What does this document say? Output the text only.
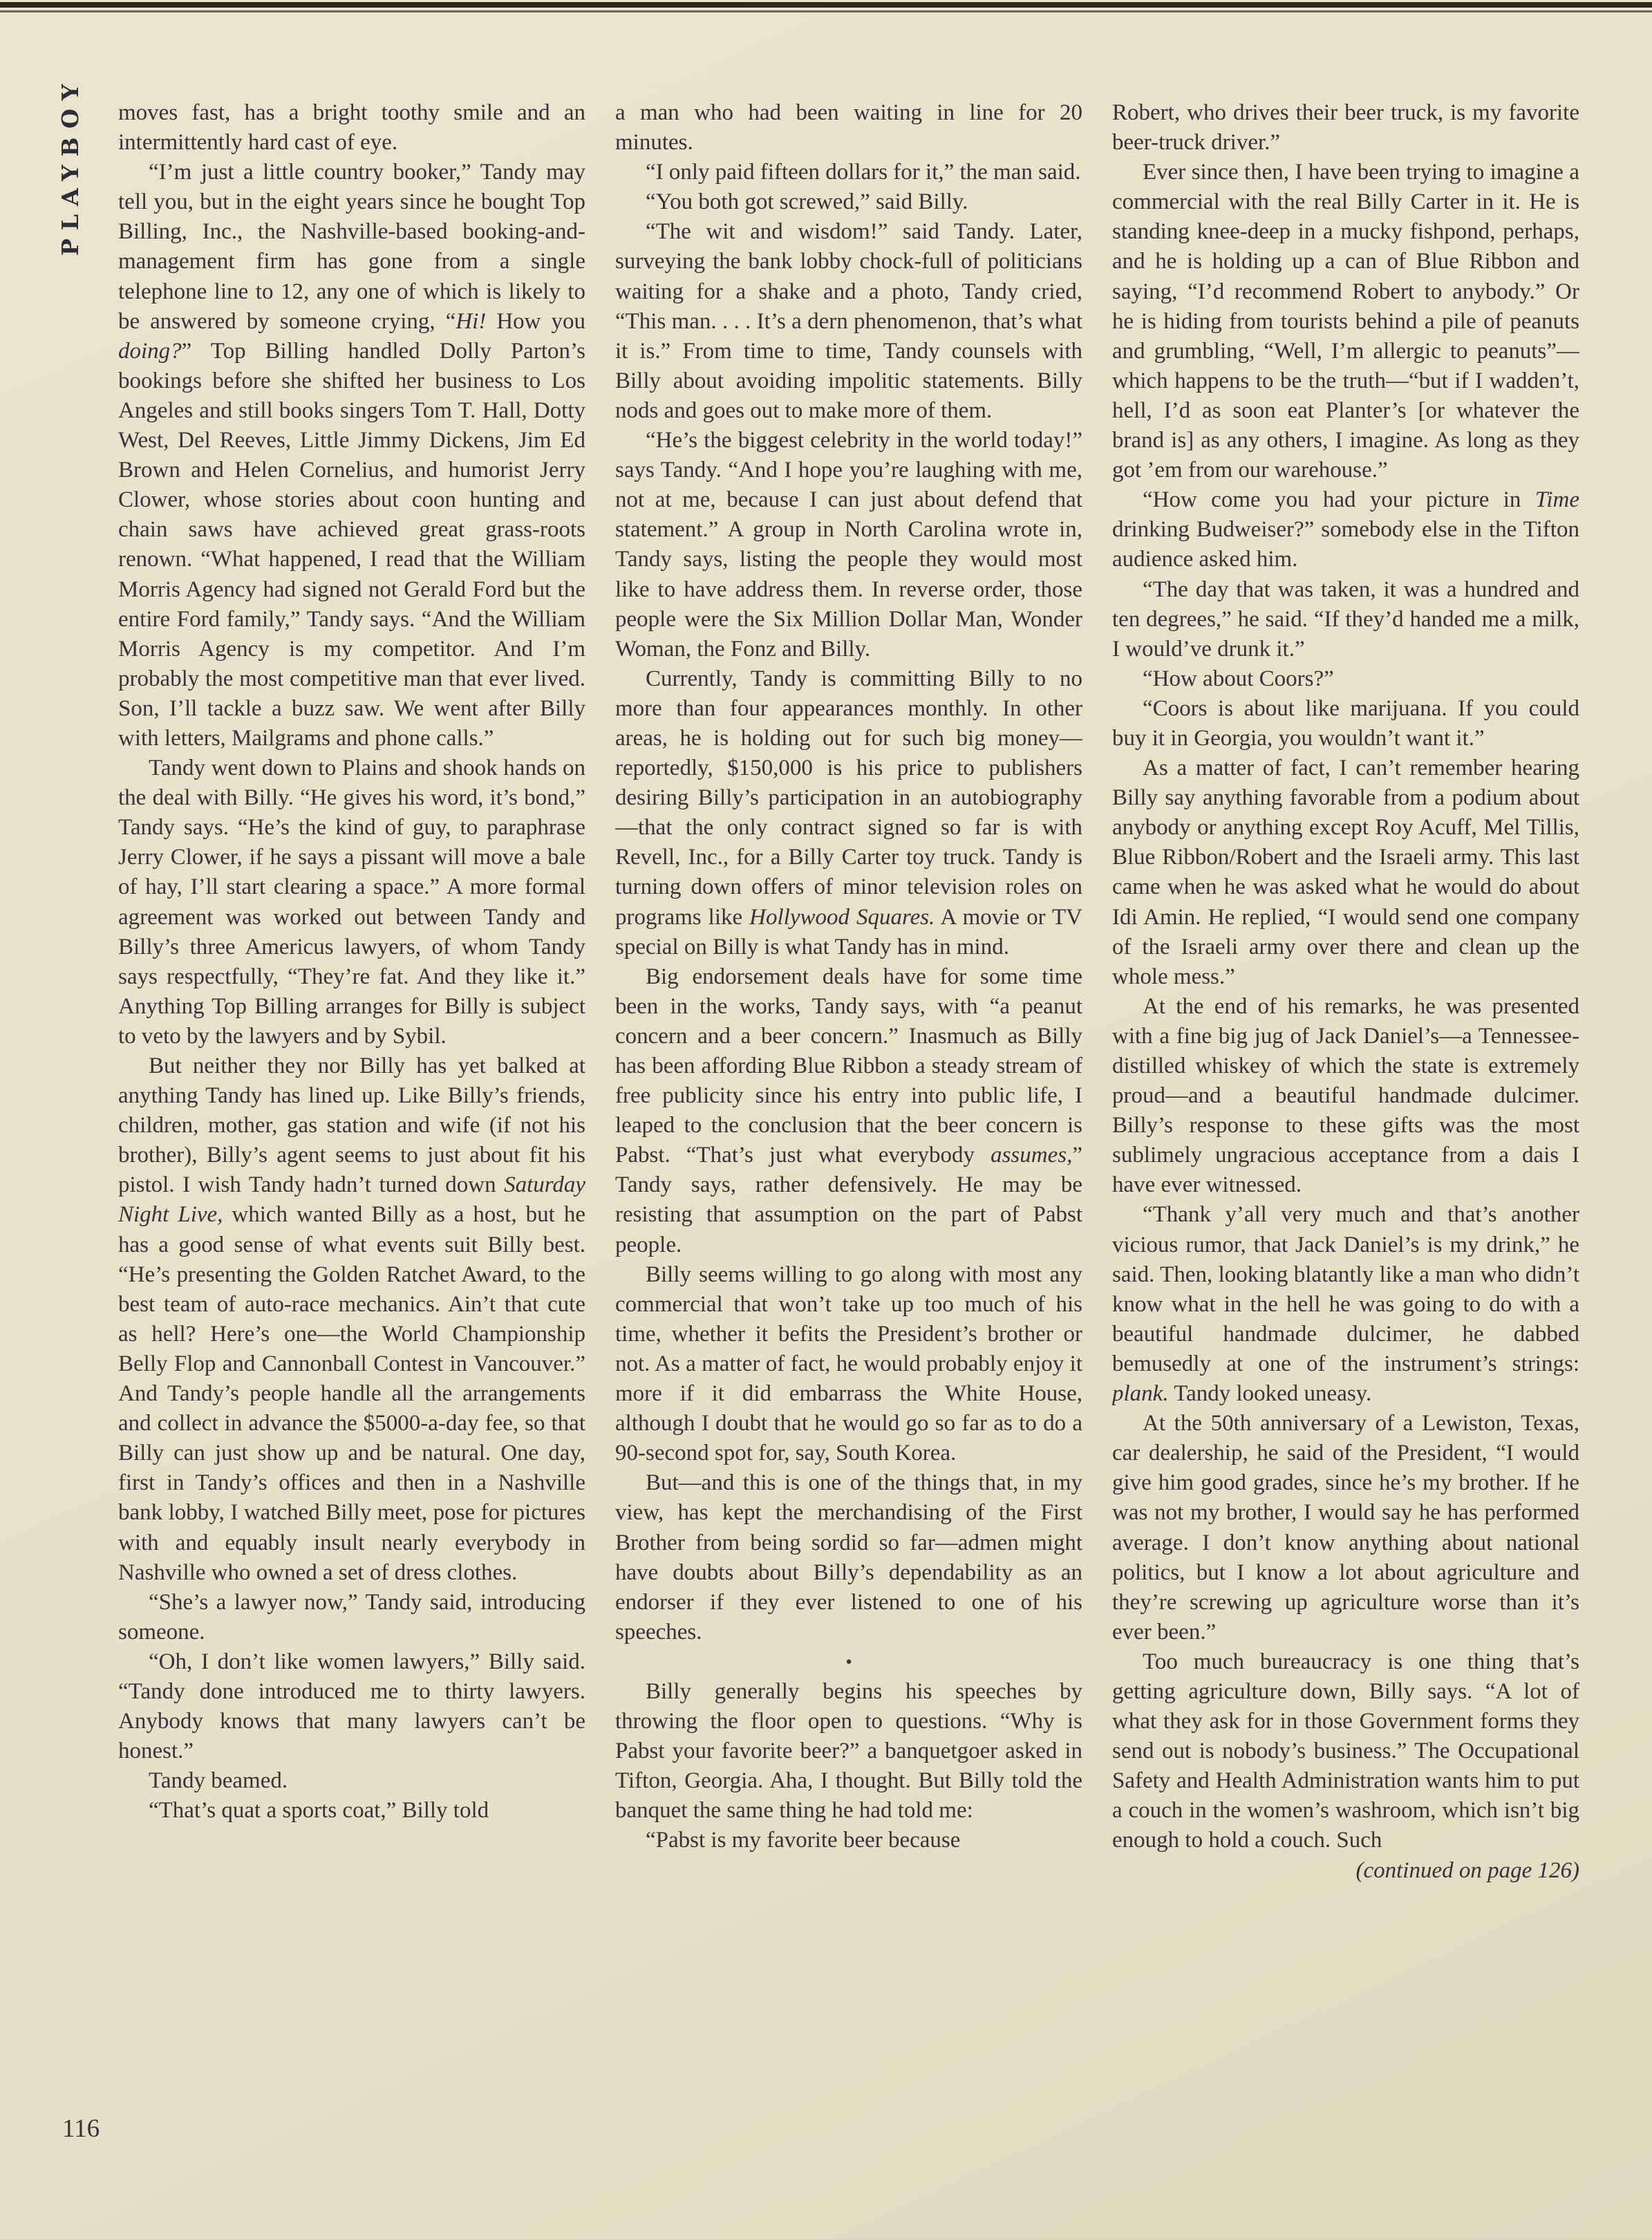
PLAYBOY moves fast, has a bright toothy smile and an intermittently hard cast of eye.

“I’m just a little country booker,” Tandy may tell you, but in the eight years since he bought Top Billing, Inc., the Nashville-based booking-and-management firm has gone from a single telephone line to 12, any one of which is likely to be answered by someone crying, “Hi! How you doing?” Top Billing handled Dolly Parton’s bookings before she shifted her business to Los Angeles and still books singers Tom T. Hall, Dotty West, Del Reeves, Little Jimmy Dickens, Jim Ed Brown and Helen Cornelius, and humorist Jerry Clower, whose stories about coon hunting and chain saws have achieved great grass-roots renown. “What happened, I read that the William Morris Agency had signed not Gerald Ford but the entire Ford family,” Tandy says. “And the William Morris Agency is my competitor. And I’m probably the most competitive man that ever lived. Son, I’ll tackle a buzz saw. We went after Billy with letters, Mailgrams and phone calls.”

Tandy went down to Plains and shook hands on the deal with Billy. “He gives his word, it’s bond,” Tandy says. “He’s the kind of guy, to paraphrase Jerry Clower, if he says a pissant will move a bale of hay, I’ll start clearing a space.” A more formal agreement was worked out between Tandy and Billy’s three Americus lawyers, of whom Tandy says respectfully, “They’re fat. And they like it.” Anything Top Billing arranges for Billy is subject to veto by the lawyers and by Sybil.

But neither they nor Billy has yet balked at anything Tandy has lined up. Like Billy’s friends, children, mother, gas station and wife (if not his brother), Billy’s agent seems to just about fit his pistol. I wish Tandy hadn’t turned down Saturday Night Live, which wanted Billy as a host, but he has a good sense of what events suit Billy best. “He’s presenting the Golden Ratchet Award, to the best team of auto-race mechanics. Ain’t that cute as hell? Here’s one—the World Championship Belly Flop and Cannonball Contest in Vancouver.” And Tandy’s people handle all the arrangements and collect in advance the $5000-a-day fee, so that Billy can just show up and be natural. One day, first in Tandy’s offices and then in a Nashville bank lobby, I watched Billy meet, pose for pictures with and equably insult nearly everybody in Nashville who owned a set of dress clothes.

“She’s a lawyer now,” Tandy said, introducing someone.

“Oh, I don’t like women lawyers,” Billy said. “Tandy done introduced me to thirty lawyers. Anybody knows that many lawyers can’t be honest.”

Tandy beamed.

“That’s quat a sports coat,” Billy told

a man who had been waiting in line for 20 minutes.

“I only paid fifteen dollars for it,” the man said.

“You both got screwed,” said Billy.

“The wit and wisdom!” said Tandy. Later, surveying the bank lobby chock-full of politicians waiting for a shake and a photo, Tandy cried, “This man. . . . It’s a dern phenomenon, that’s what it is.” From time to time, Tandy counsels with Billy about avoiding impolitic statements. Billy nods and goes out to make more of them.

“He’s the biggest celebrity in the world today!” says Tandy. “And I hope you’re laughing with me, not at me, because I can just about defend that statement.” A group in North Carolina wrote in, Tandy says, listing the people they would most like to have address them. In reverse order, those people were the Six Million Dollar Man, Wonder Woman, the Fonz and Billy.

Currently, Tandy is committing Billy to no more than four appearances monthly. In other areas, he is holding out for such big money—reportedly, $150,000 is his price to publishers desiring Billy’s participation in an autobiography—that the only contract signed so far is with Revell, Inc., for a Billy Carter toy truck. Tandy is turning down offers of minor television roles on programs like Hollywood Squares. A movie or TV special on Billy is what Tandy has in mind.

Big endorsement deals have for some time been in the works, Tandy says, with “a peanut concern and a beer concern.” Inasmuch as Billy has been affording Blue Ribbon a steady stream of free publicity since his entry into public life, I leaped to the conclusion that the beer concern is Pabst. “That’s just what everybody assumes,” Tandy says, rather defensively. He may be resisting that assumption on the part of Pabst people.

Billy seems willing to go along with most any commercial that won’t take up too much of his time, whether it befits the President’s brother or not. As a matter of fact, he would probably enjoy it more if it did embarrass the White House, although I doubt that he would go so far as to do a 90-second spot for, say, South Korea.

But—and this is one of the things that, in my view, has kept the merchandising of the First Brother from being sordid so far—admen might have doubts about Billy’s dependability as an endorser if they ever listened to one of his speeches.

●

Billy generally begins his speeches by throwing the floor open to questions. “Why is Pabst your favorite beer?” a banquetgoer asked in Tifton, Georgia. Aha, I thought. But Billy told the banquet the same thing he had told me:

“Pabst is my favorite beer because

Robert, who drives their beer truck, is my favorite beer-truck driver.”

Ever since then, I have been trying to imagine a commercial with the real Billy Carter in it. He is standing knee-deep in a mucky fishpond, perhaps, and he is holding up a can of Blue Ribbon and saying, “I’d recommend Robert to anybody.” Or he is hiding from tourists behind a pile of peanuts and grumbling, “Well, I’m allergic to peanuts”—which happens to be the truth—“but if I wadden’t, hell, I’d as soon eat Planter’s [or whatever the brand is] as any others, I imagine. As long as they got ’em from our warehouse.”

“How come you had your picture in Time drinking Budweiser?” somebody else in the Tifton audience asked him.

“The day that was taken, it was a hundred and ten degrees,” he said. “If they’d handed me a milk, I would’ve drunk it.”

“How about Coors?”

“Coors is about like marijuana. If you could buy it in Georgia, you wouldn’t want it.”

As a matter of fact, I can’t remember hearing Billy say anything favorable from a podium about anybody or anything except Roy Acuff, Mel Tillis, Blue Ribbon/Robert and the Israeli army. This last came when he was asked what he would do about Idi Amin. He replied, “I would send one company of the Israeli army over there and clean up the whole mess.”

At the end of his remarks, he was presented with a fine big jug of Jack Daniel’s—a Tennessee-distilled whiskey of which the state is extremely proud—and a beautiful handmade dulcimer. Billy’s response to these gifts was the most sublimely ungracious acceptance from a dais I have ever witnessed.

“Thank y’all very much and that’s another vicious rumor, that Jack Daniel’s is my drink,” he said. Then, looking blatantly like a man who didn’t know what in the hell he was going to do with a beautiful handmade dulcimer, he dabbed bemusedly at one of the instrument’s strings: plank. Tandy looked uneasy.

At the 50th anniversary of a Lewiston, Texas, car dealership, he said of the President, “I would give him good grades, since he’s my brother. If he was not my brother, I would say he has performed average. I don’t know anything about national politics, but I know a lot about agriculture and they’re screwing up agriculture worse than it’s ever been.”

Too much bureaucracy is one thing that’s getting agriculture down, Billy says. “A lot of what they ask for in those Government forms they send out is nobody’s business.” The Occupational Safety and Health Administration wants him to put a couch in the women’s washroom, which isn’t big enough to hold a couch. Such

(continued on page 126)

116
